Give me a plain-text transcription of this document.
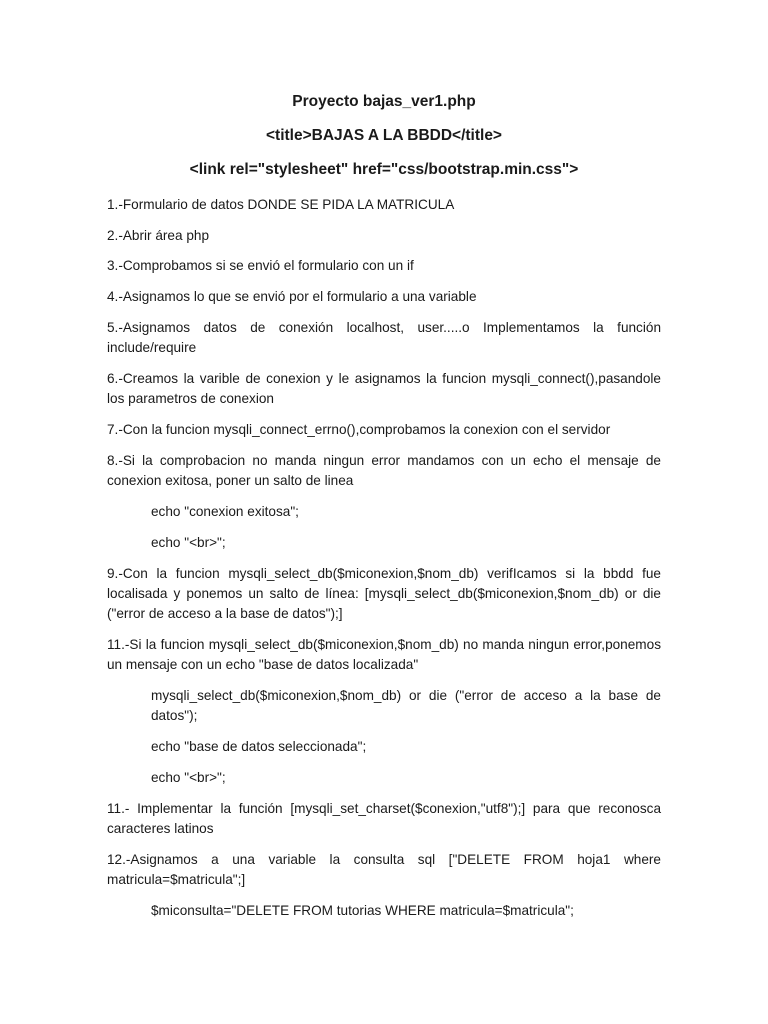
Proyecto bajas_ver1.php
<title>BAJAS A LA BBDD</title>
<link rel="stylesheet" href="css/bootstrap.min.css">

1.-Formulario de datos DONDE SE PIDA LA MATRICULA

2.-Abrir área php

3.-Comprobamos si se envió el formulario con un if

4.-Asignamos lo que se envió por el formulario a una variable

5.-Asignamos datos de conexión localhost, user.....o Implementamos la función include/require

6.-Creamos la varible de conexion y le asignamos la funcion mysqli_connect(),pasandole los parametros de conexion

7.-Con la funcion mysqli_connect_errno(),comprobamos la conexion con el servidor

8.-Si la comprobacion no manda ningun error mandamos con un echo el mensaje de conexion exitosa, poner un salto de linea

echo "conexion exitosa";

echo "<br>";

9.-Con la funcion mysqli_select_db($miconexion,$nom_db) verifIcamos si la bbdd fue localisada y ponemos un salto de línea: [mysqli_select_db($miconexion,$nom_db) or die ("error de acceso a la base de datos");]

11.-Si la funcion mysqli_select_db($miconexion,$nom_db) no manda ningun error,ponemos un mensaje con un echo "base de datos localizada"

mysqli_select_db($miconexion,$nom_db) or die ("error de acceso a la base de datos");

echo "base de datos seleccionada";

echo "<br>";

11.- Implementar la función [mysqli_set_charset($conexion,"utf8");] para que reconosca caracteres latinos

12.-Asignamos a una variable la consulta sql ["DELETE FROM hoja1 where matricula=$matricula";]

$miconsulta="DELETE FROM tutorias WHERE matricula=$matricula";
